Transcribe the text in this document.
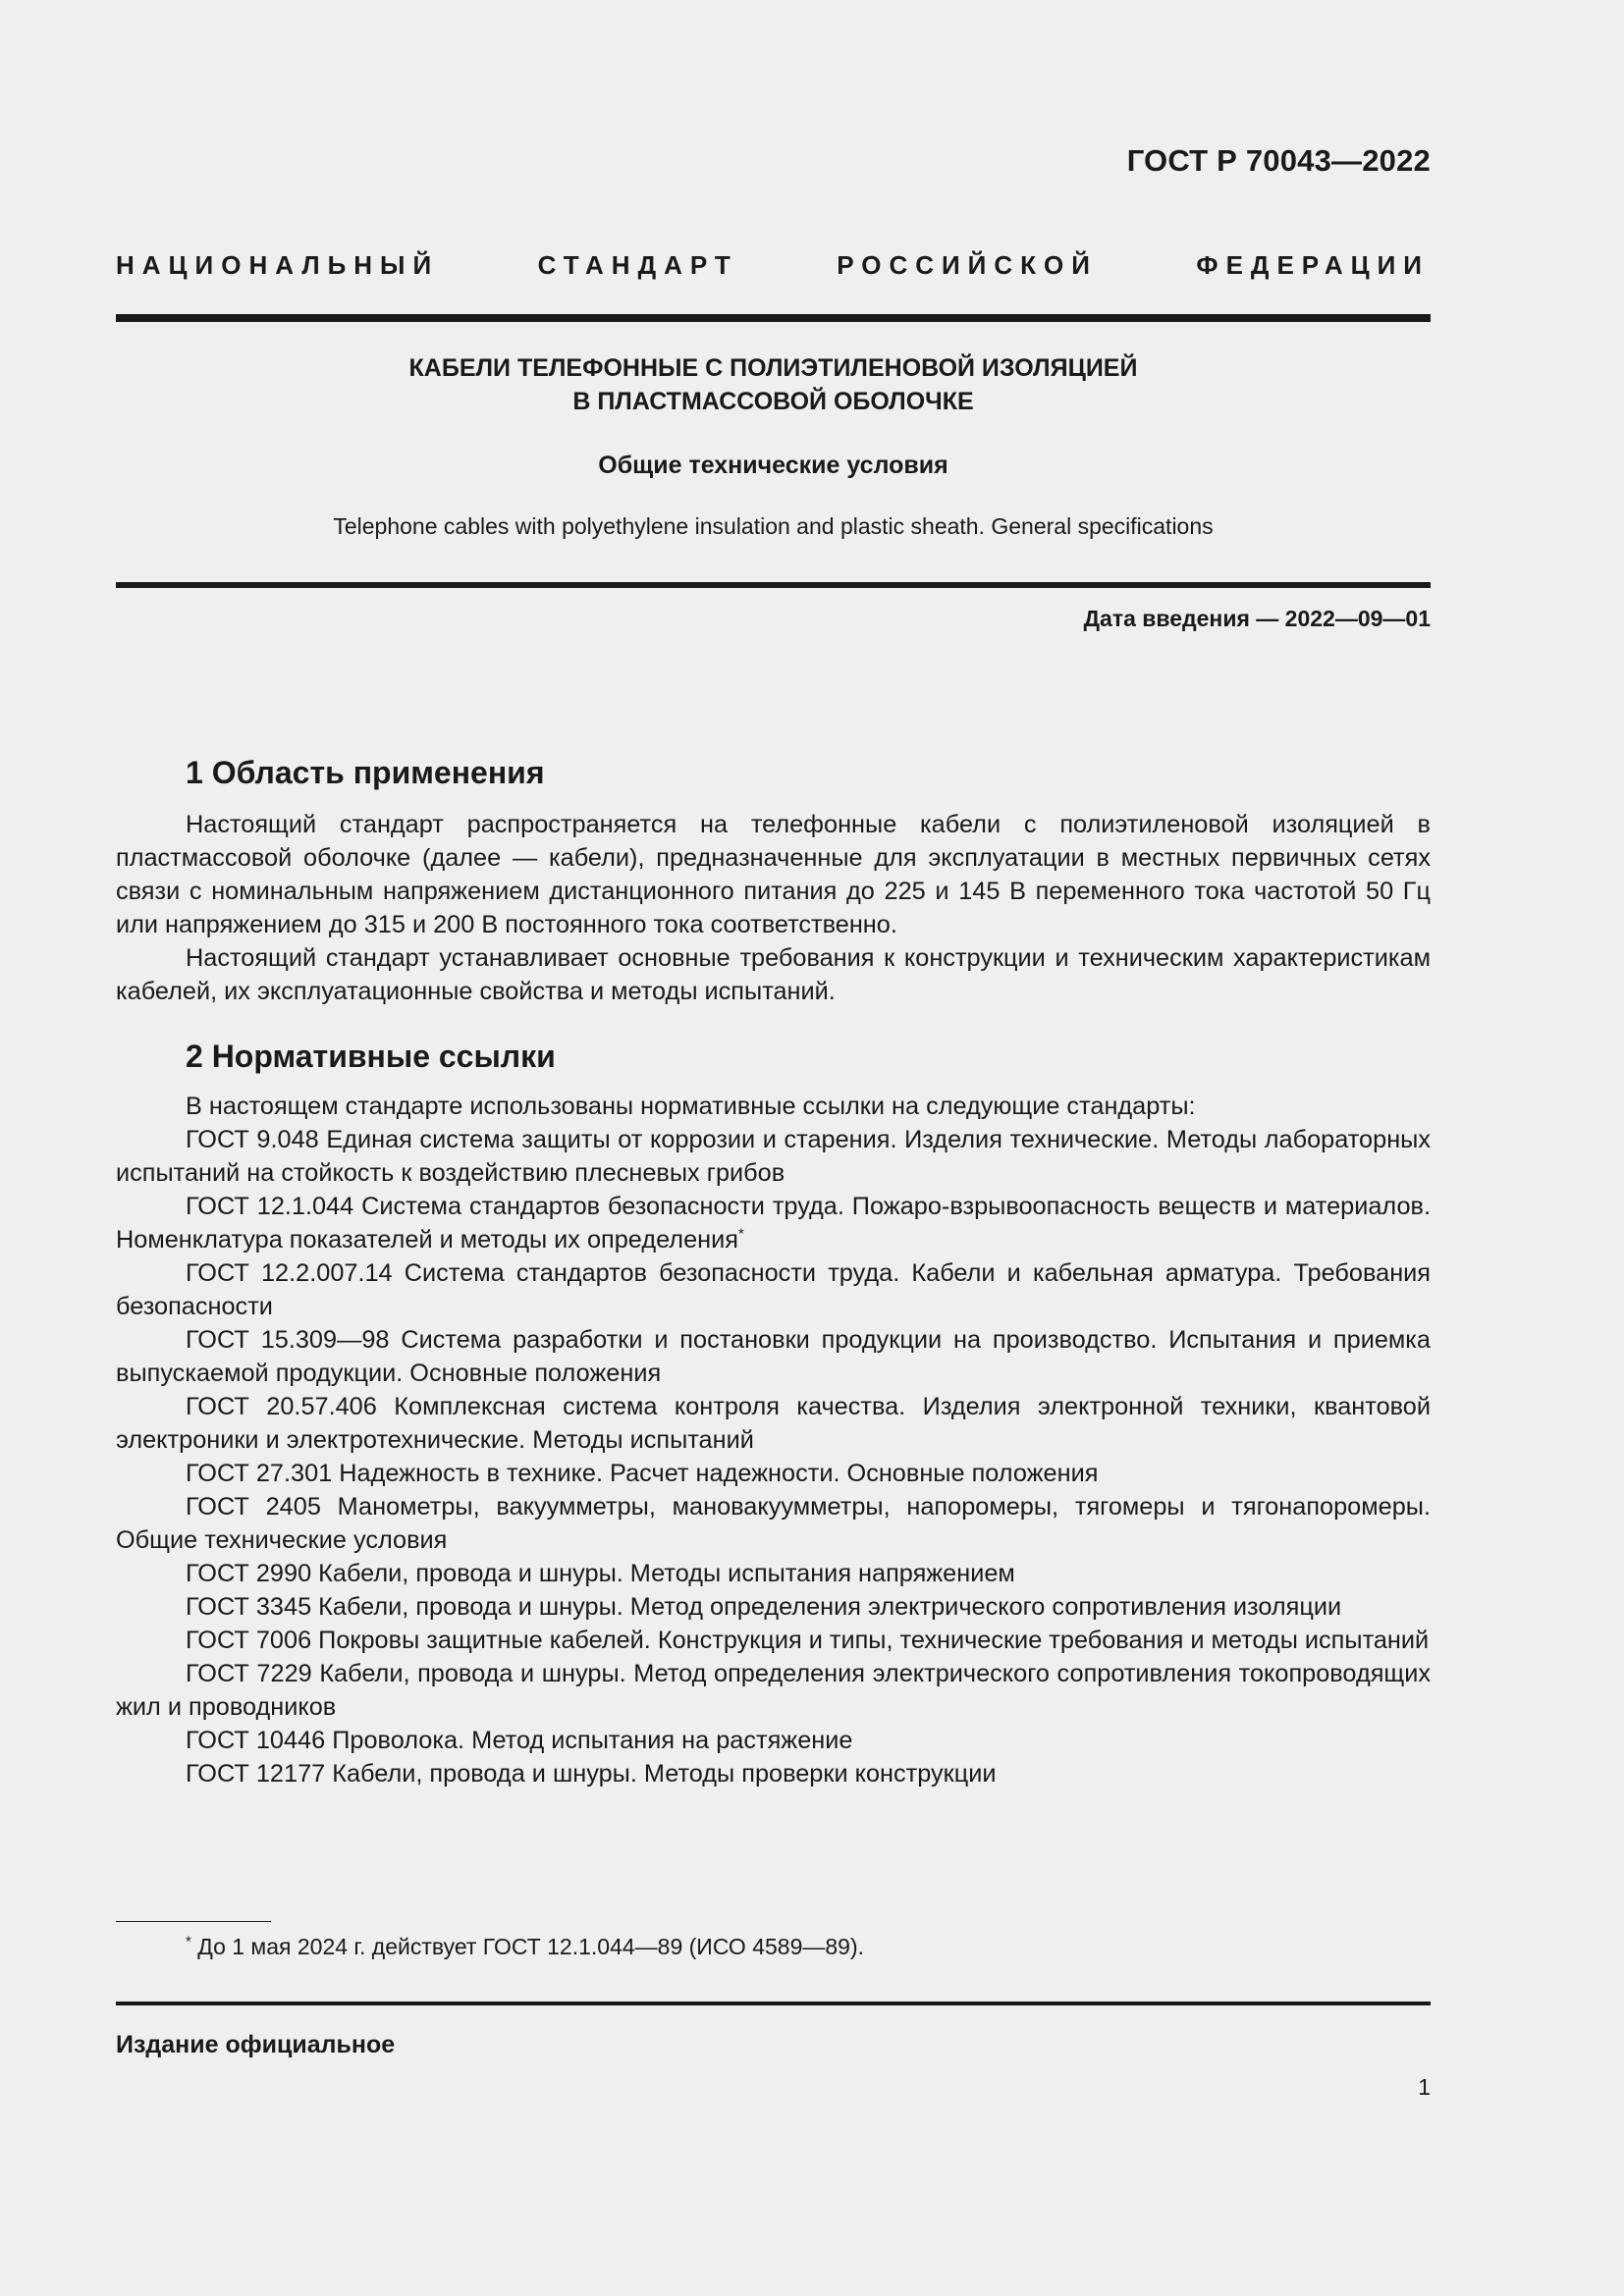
ГОСТ Р 70043—2022
НАЦИОНАЛЬНЫЙ СТАНДАРТ РОССИЙСКОЙ ФЕДЕРАЦИИ
КАБЕЛИ ТЕЛЕФОННЫЕ С ПОЛИЭТИЛЕНОВОЙ ИЗОЛЯЦИЕЙ
В ПЛАСТМАССОВОЙ ОБОЛОЧКЕ
Общие технические условия
Telephone cables with polyethylene insulation and plastic sheath. General specifications
Дата введения — 2022—09—01
1 Область применения

Настоящий стандарт распространяется на телефонные кабели с полиэтиленовой изоляцией в пластмассовой оболочке (далее — кабели), предназначенные для эксплуатации в местных первичных сетях связи с номинальным напряжением дистанционного питания до 225 и 145 В переменного тока частотой 50 Гц или напряжением до 315 и 200 В постоянного тока соответственно.

Настоящий стандарт устанавливает основные требования к конструкции и техническим характеристикам кабелей, их эксплуатационные свойства и методы испытаний.

2 Нормативные ссылки

В настоящем стандарте использованы нормативные ссылки на следующие стандарты:

ГОСТ 9.048 Единая система защиты от коррозии и старения. Изделия технические. Методы лабораторных испытаний на стойкость к воздействию плесневых грибов

ГОСТ 12.1.044 Система стандартов безопасности труда. Пожаро-взрывоопасность веществ и материалов. Номенклатура показателей и методы их определения*

ГОСТ 12.2.007.14 Система стандартов безопасности труда. Кабели и кабельная арматура. Требования безопасности

ГОСТ 15.309—98 Система разработки и постановки продукции на производство. Испытания и приемка выпускаемой продукции. Основные положения

ГОСТ 20.57.406 Комплексная система контроля качества. Изделия электронной техники, квантовой электроники и электротехнические. Методы испытаний

ГОСТ 27.301 Надежность в технике. Расчет надежности. Основные положения

ГОСТ 2405 Манометры, вакуумметры, мановакуумметры, напоромеры, тягомеры и тягонапоромеры. Общие технические условия

ГОСТ 2990 Кабели, провода и шнуры. Методы испытания напряжением

ГОСТ 3345 Кабели, провода и шнуры. Метод определения электрического сопротивления изоляции

ГОСТ 7006 Покровы защитные кабелей. Конструкция и типы, технические требования и методы испытаний

ГОСТ 7229 Кабели, провода и шнуры. Метод определения электрического сопротивления токопроводящих жил и проводников

ГОСТ 10446 Проволока. Метод испытания на растяжение

ГОСТ 12177 Кабели, провода и шнуры. Методы проверки конструкции

* До 1 мая 2024 г. действует ГОСТ 12.1.044—89 (ИСО 4589—89).
Издание официальное
1
